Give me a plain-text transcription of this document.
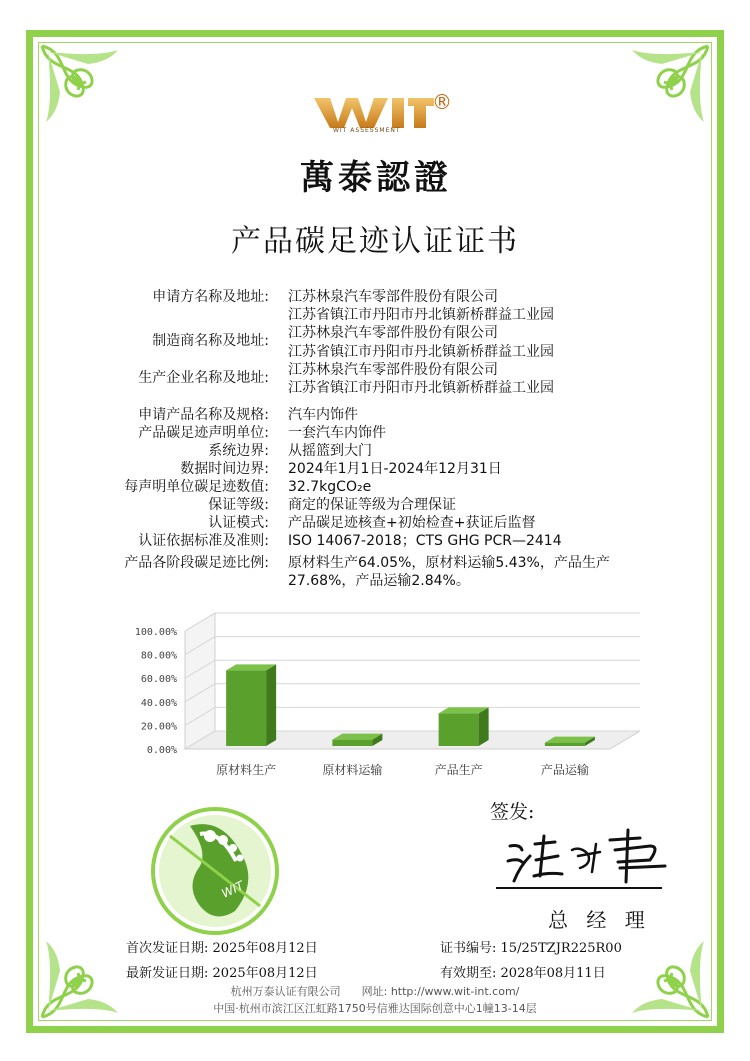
®
WIT ASSESSMENT
萬泰認證
产品碳足迹认证证书
申请方名称及地址: 江苏林泉汽车零部件股份有限公司
江苏省镇江市丹阳市丹北镇新桥群益工业园
制造商名称及地址: 江苏林泉汽车零部件股份有限公司
江苏省镇江市丹阳市丹北镇新桥群益工业园
生产企业名称及地址: 江苏林泉汽车零部件股份有限公司
江苏省镇江市丹阳市丹北镇新桥群益工业园
申请产品名称及规格: 汽车内饰件
产品碳足迹声明单位: 一套汽车内饰件
系统边界: 从摇篮到大门
数据时间边界: 2024年1月1日-2024年12月31日
每声明单位碳足迹数值: 32.7kgCO₂e
保证等级: 商定的保证等级为合理保证
认证模式: 产品碳足迹核查+初始检查+获证后监督
认证依据标准及准则: ISO 14067-2018；CTS GHG PCR—2414
产品各阶段碳足迹比例: 原材料生产64.05%，原材料运输5.43%，产品生产
27.68%，产品运输2.84%。
0.00%
20.00%
40.00%
60.00%
80.00%
100.00%
原材料生产	原材料运输	产品生产	产品运输
WIT
签发:
总 经 理
首次发证日期: 2025年08月12日
最新发证日期: 2025年08月12日
证书编号: 15/25TZJR225R00
有效期至: 2028年08月11日
杭州万泰认证有限公司 网址: http://www.wit-int.com/
中国·杭州市滨江区江虹路1750号信雅达国际创意中心1幢13-14层
